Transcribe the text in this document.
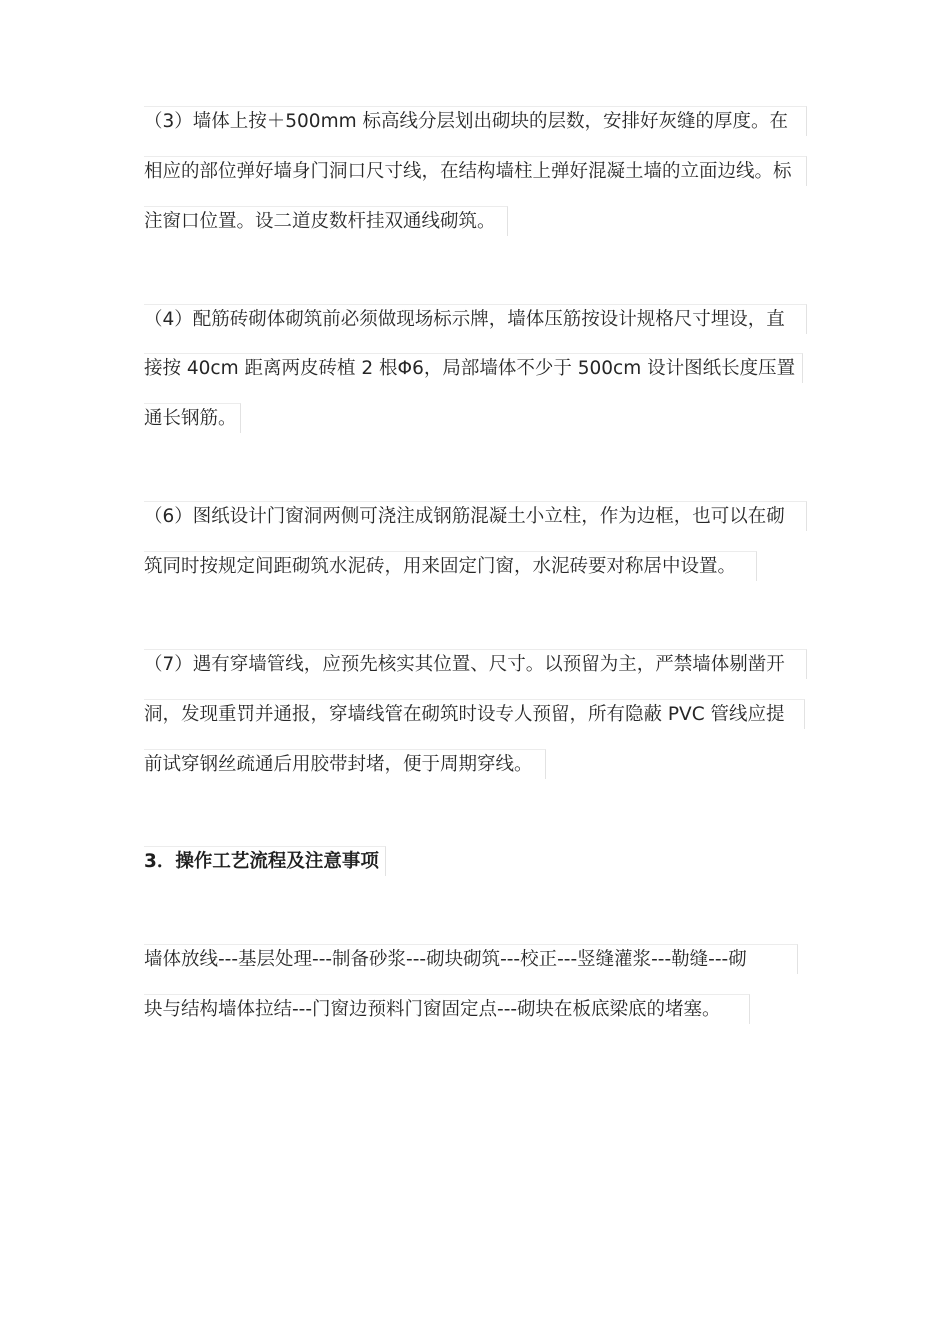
（3）墙体上按＋500mm 标高线分层划出砌块的层数，安排好灰缝的厚度。在
相应的部位弹好墙身门洞口尺寸线，在结构墙柱上弹好混凝土墙的立面边线。标
注窗口位置。设二道皮数杆挂双通线砌筑。
（4）配筋砖砌体砌筑前必须做现场标示牌，墙体压筋按设计规格尺寸埋设，直
接按 40cm 距离两皮砖植 2 根Φ6，局部墙体不少于 500cm 设计图纸长度压置
通长钢筋。
（6）图纸设计门窗洞两侧可浇注成钢筋混凝土小立柱，作为边框，也可以在砌
筑同时按规定间距砌筑水泥砖，用来固定门窗，水泥砖要对称居中设置。
（7）遇有穿墙管线，应预先核实其位置、尺寸。以预留为主，严禁墙体剔凿开
洞，发现重罚并通报，穿墙线管在砌筑时设专人预留，所有隐蔽 PVC 管线应提
前试穿钢丝疏通后用胶带封堵，便于周期穿线。
3．操作工艺流程及注意事项
墙体放线---基层处理---制备砂浆---砌块砌筑---校正---竖缝灌浆---勒缝---砌
块与结构墙体拉结---门窗边预料门窗固定点---砌块在板底梁底的堵塞。
